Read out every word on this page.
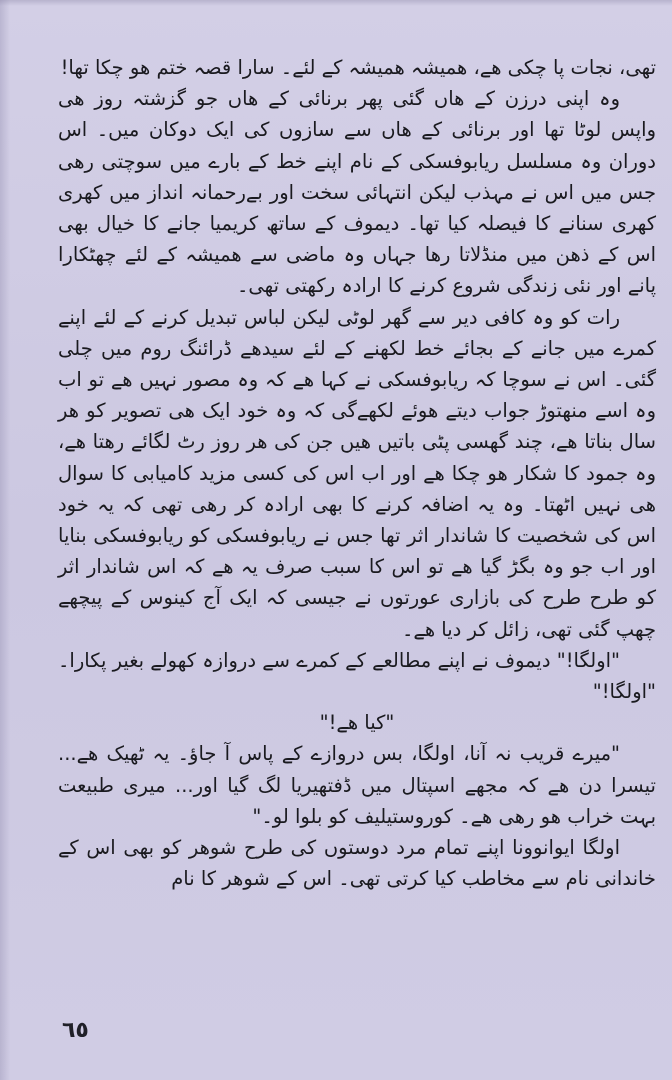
تھی، نجات پا چکی ھے، ھمیشہ ھمیشہ کے لئے۔ سارا قصہ ختم ھو چکا تھا!

وہ اپنی درزن کے ھاں گئی پھر برنائی کے ھاں جو گزشتہ روز ھی واپس لوٹا تھا اور برنائی کے ھاں سے سازوں کی ایک دوکان میں۔ اس دوران وہ مسلسل ریابوفسکی کے نام اپنے خط کے بارے میں سوچتی رھی جس میں اس نے مہذب لیکن انتہائی سخت اور بےرحمانہ انداز میں کھری کھری سنانے کا فیصلہ کیا تھا۔ دیموف کے ساتھ کریمیا جانے کا خیال بھی اس کے ذھن میں منڈلاتا رھا جہاں وہ ماضی سے ھمیشہ کے لئے چھٹکارا پانے اور نئی زندگی شروع کرنے کا ارادہ رکھتی تھی۔

رات کو وہ کافی دیر سے گھر لوٹی لیکن لباس تبدیل کرنے کے لئے اپنے کمرے میں جانے کے بجائے خط لکھنے کے لئے سیدھے ڈرائنگ روم میں چلی گئی۔ اس نے سوچا کہ ریابوفسکی نے کہا ھے کہ وہ مصور نہیں ھے تو اب وہ اسے منھتوڑ جواب دیتے ھوئے لکھےگی کہ وہ خود ایک ھی تصویر کو ھر سال بناتا ھے، چند گھسی پٹی باتیں ھیں جن کی ھر روز رٹ لگائے رھتا ھے، وہ جمود کا شکار ھو چکا ھے اور اب اس کی کسی مزید کامیابی کا سوال ھی نہیں اٹھتا۔ وہ یہ اضافہ کرنے کا بھی ارادہ کر رھی تھی کہ یہ خود اس کی شخصیت کا شاندار اثر تھا جس نے ریابوفسکی کو ریابوفسکی بنایا اور اب جو وہ بگڑ گیا ھے تو اس کا سبب صرف یہ ھے کہ اس شاندار اثر کو طرح طرح کی بازاری عورتوں نے جیسی کہ ایک آج کینوس کے پیچھے چھپ گئی تھی، زائل کر دیا ھے۔

"اولگا!" دیموف نے اپنے مطالعے کے کمرے سے دروازہ کھولے بغیر پکارا۔ "اولگا!"

"کیا ھے!"

"میرے قریب نہ آنا، اولگا، بس دروازے کے پاس آ جاؤ۔ یہ ٹھیک ھے... تیسرا دن ھے کہ مجھے اسپتال میں ڈفتھیریا لگ گیا اور... میری طبیعت بہت خراب ھو رھی ھے۔ کوروستیلیف کو بلوا لو۔"

اولگا ایوانوونا اپنے تمام مرد دوستوں کی طرح شوھر کو بھی اس کے خاندانی نام سے مخاطب کیا کرتی تھی۔ اس کے شوھر کا نام

٦٥
